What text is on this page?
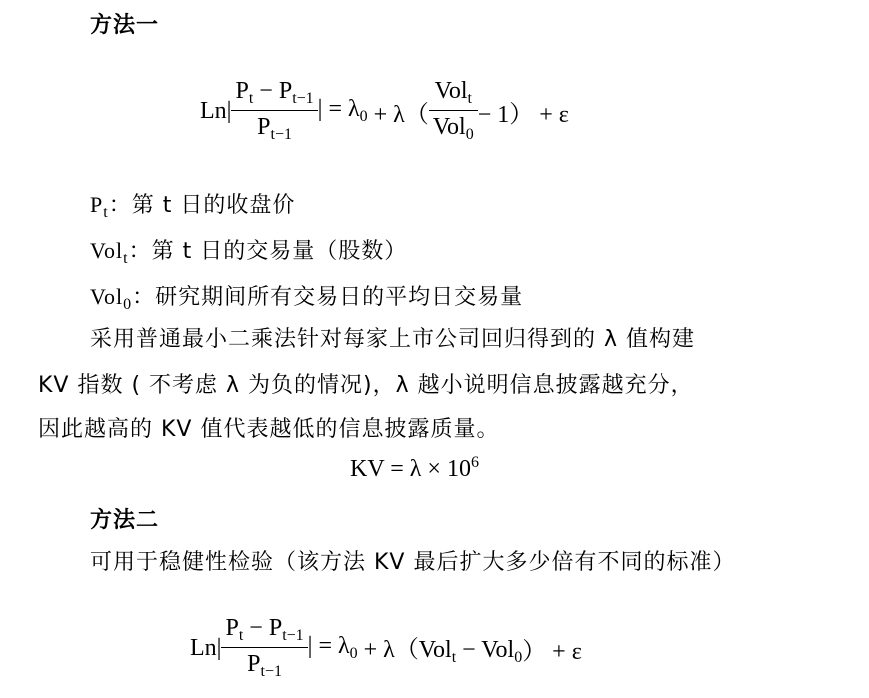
方法一
$Ln| \frac{P_t - P_{t-1}}{P_{t-1}}$ | = $\lambda_0 + \lambda( \frac{Vol_t}{Vol_0} - 1) + \varepsilon$
$P_t$：第 t 日的收盘价
Vol$_t$：第 t 日的交易量（股数）
Vol$_0$：研究期间所有交易日的平均日交易量
采用普通最小二乘法针对每家上市公司回归得到的 λ 值构建
KV 指数 ( 不考虑 λ 为负的情况)，λ 越小说明信息披露越充分，
因此越高的 KV 值代表越低的信息披露质量。
KV = $\lambda \times 10^6$
方法二
可用于稳健性检验（该方法 KV 最后扩大多少倍有不同的标准）
$Ln| \frac{P_t - P_{t-1}}{P_{t-1}}$ | = $\lambda_0 + \lambda(Vol_t - Vol_0$ ） + ε
